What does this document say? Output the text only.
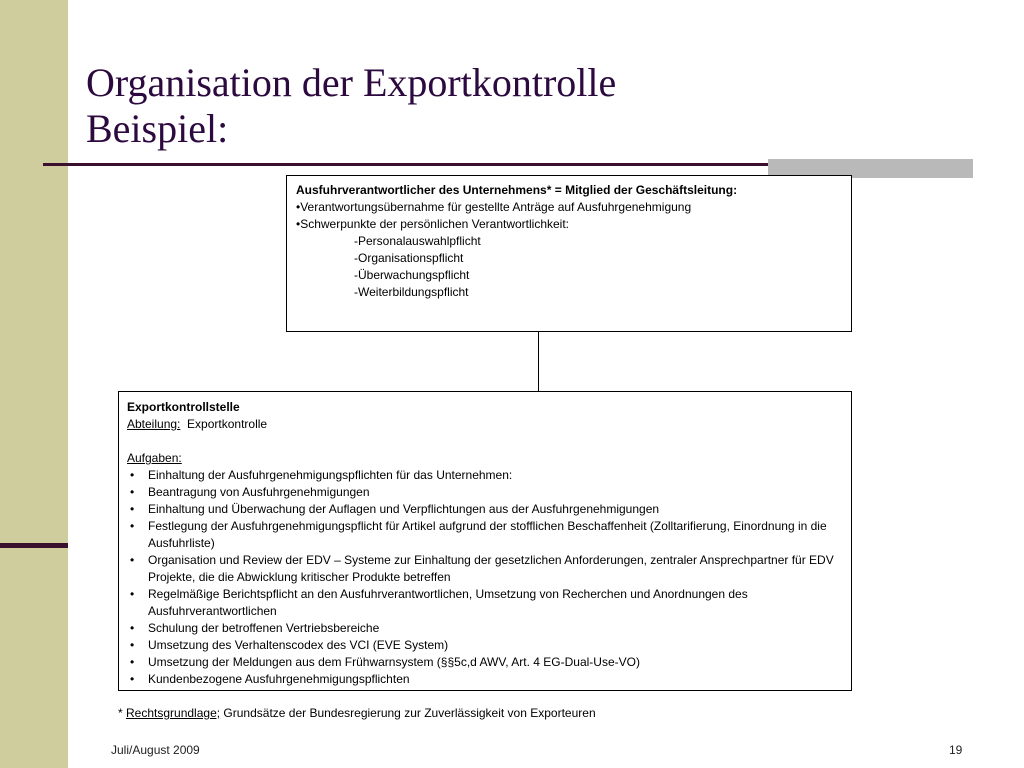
Organisation der Exportkontrolle
Beispiel:
Ausfuhrverantwortlicher des Unternehmens* = Mitglied der Geschäftsleitung:
•Verantwortungsübernahme für gestellte Anträge auf Ausfuhrgenehmigung
•Schwerpunkte der persönlichen Verantwortlichkeit:
-Personalauswahlpflicht
-Organisationspflicht
-Überwachungspflicht
-Weiterbildungspflicht
Exportkontrollstelle
Abteilung:  Exportkontrolle
Aufgaben:
• Einhaltung der Ausfuhrgenehmigungspflichten für das Unternehmen:
• Beantragung von Ausfuhrgenehmigungen
• Einhaltung und Überwachung der Auflagen und Verpflichtungen aus der Ausfuhrgenehmigungen
• Festlegung der Ausfuhrgenehmigungspflicht für Artikel aufgrund der stofflichen Beschaffenheit (Zolltarifierung, Einordnung in die Ausfuhrliste)
• Organisation und Review der EDV – Systeme zur Einhaltung der gesetzlichen Anforderungen, zentraler Ansprechpartner für EDV Projekte, die die Abwicklung kritischer Produkte betreffen
• Regelmäßige Berichtspflicht an den Ausfuhrverantwortlichen, Umsetzung von Recherchen und Anordnungen des Ausfuhrverantwortlichen
• Schulung der betroffenen Vertriebsbereiche
• Umsetzung des Verhaltenscodex des VCI (EVE System)
• Umsetzung der Meldungen aus dem Frühwarnsystem (§§5c,d AWV, Art. 4 EG-Dual-Use-VO)
• Kundenbezogene Ausfuhrgenehmigungspflichten
* Rechtsgrundlage; Grundsätze der Bundesregierung zur Zuverlässigkeit von Exporteuren
Juli/August 2009	19
